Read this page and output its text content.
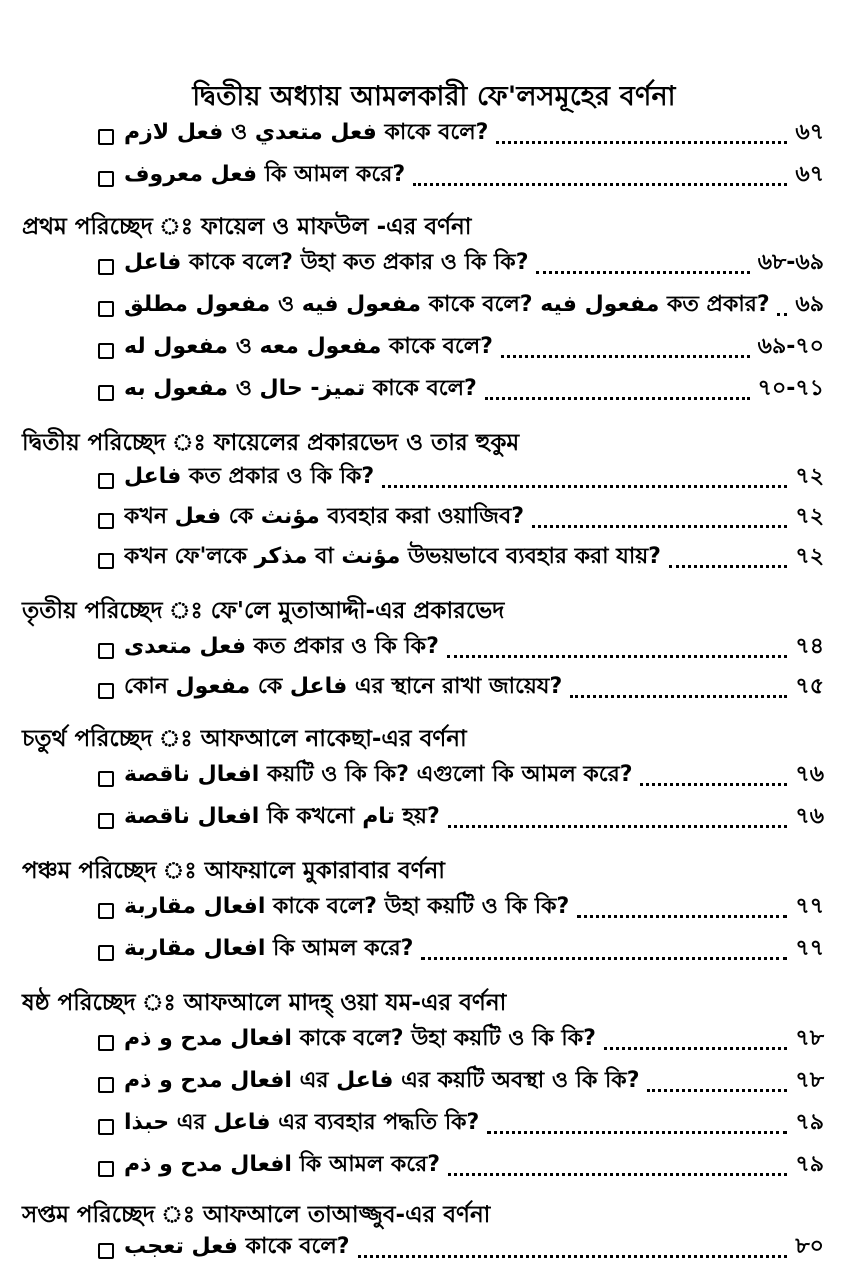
দ্বিতীয় অধ্যায় আমলকারী ফে'লসমূহের বর্ণনা
فعل لازم ও فعل متعدي কাকে বলে?	৬৭
فعل معروف কি আমল করে?	৬৭
প্রথম পরিচ্ছেদ ঃ ফায়েল ও মাফউল -এর বর্ণনা
فاعل কাকে বলে? উহা কত প্রকার ও কি কি?	৬৮-৬৯
مفعول مطلق ও مفعول فيه কাকে বলে? مفعول فيه কত প্রকার? ৬৯
مفعول له ও مفعول معه কাকে বলে?	৬৯-৭০
مفعول به ও تميز- حال কাকে বলে?	৭০-৭১
দ্বিতীয় পরিচ্ছেদ ঃ ফায়েলের প্রকারভেদ ও তার হুকুম
فاعل কত প্রকার ও কি কি?	৭২
কখন فعل কে مؤنث ব্যবহার করা ওয়াজিব?	৭২
কখন ফে'লকে مذكر বা مؤنث উভয়ভাবে ব্যবহার করা যায়?	৭২
তৃতীয় পরিচ্ছেদ ঃ ফে'লে মুতাআদ্দী-এর প্রকারভেদ
فعل متعدى কত প্রকার ও কি কি?	৭৪
কোন مفعول কে فاعل এর স্থানে রাখা জায়েয?	৭৫
চতুর্থ পরিচ্ছেদ ঃ আফআলে নাকেছা-এর বর্ণনা
افعال ناقصة কয়টি ও কি কি? এগুলো কি আমল করে?	৭৬
افعال ناقصة কি কখনো تام হয়?	৭৬
পঞ্চম পরিচ্ছেদ ঃ আফয়ালে মুকারাবার বর্ণনা
افعال مقاربة কাকে বলে? উহা কয়টি ও কি কি?	৭৭
افعال مقاربة কি আমল করে?	৭৭
ষষ্ঠ পরিচ্ছেদ ঃ আফআলে মাদহ্ ওয়া যম-এর বর্ণনা
افعال مدح و ذم কাকে বলে? উহা কয়টি ও কি কি?	৭৮
افعال مدح و ذم এর فاعل এর কয়টি অবস্থা ও কি কি?	৭৮
حبذا এর فاعل এর ব্যবহার পদ্ধতি কি?	৭৯
افعال مدح و ذم কি আমল করে?	৭৯
সপ্তম পরিচ্ছেদ ঃ আফআলে তাআজ্জুব-এর বর্ণনা
فعل تعجب কাকে বলে?	৮০
